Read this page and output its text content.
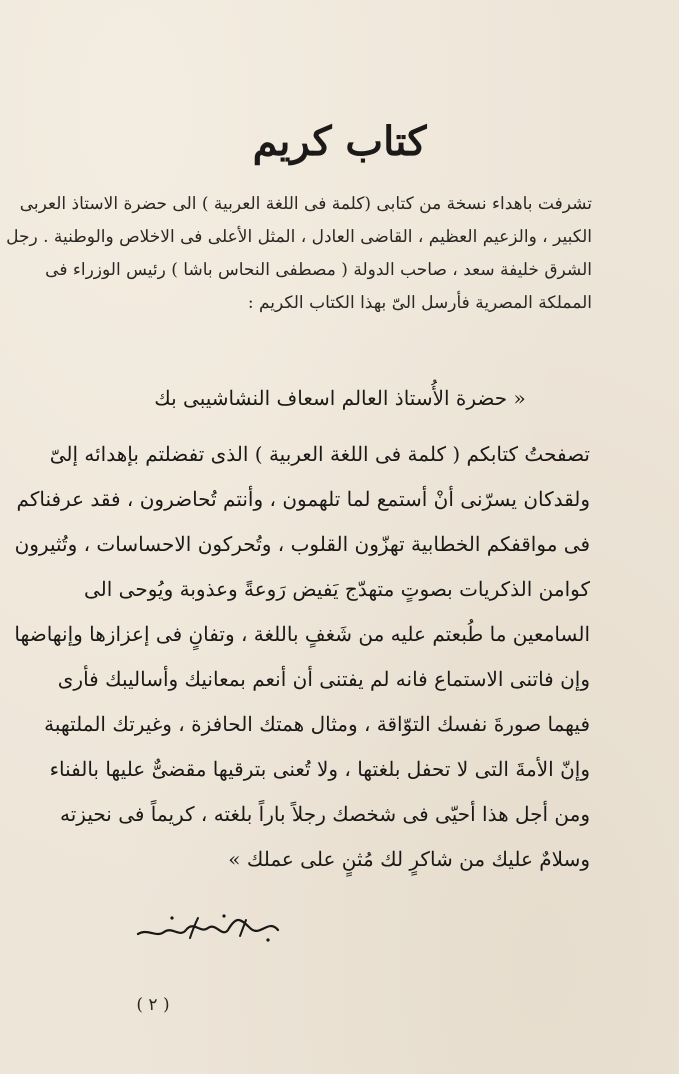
كتاب كريم
تشرفت باهداء نسخة من كتابى (كلمة فى اللغة العربية ) الى حضرة الاستاذ العربى
الكبير ، والزعيم العظيم ، القاضى العادل ، المثل الأعلى فى الاخلاص والوطنية . رجل
الشرق خليفة سعد ، صاحب الدولة ( مصطفى النحاس باشا ) رئيس الوزراء فى
المملكة المصرية فأرسل الىّ بهذا الكتاب الكريم :
« حضرة الأُستاذ العالم اسعاف النشاشيبى بك
تصفحتُ كتابكم ( كلمة فى اللغة العربية ) الذى تفضلتم بإهدائه إلىّ
ولقدكان يسرّنى أنْ أستمع لما تلهمون ، وأنتم تُحاضرون ، فقد عرفناكم
فى مواقفكم الخطابية تهزّون القلوب ، وتُحركون الاحساسات ، وتُثيرون
كوامن الذكريات بصوتٍ متهدّج يَفيض رَوعةً وعذوبة ويُوحى الى
السامعين ما طُبعتم عليه من شَغفٍ باللغة ، وتفانٍ فى إعزازها وإنهاضها
وإن فاتنى الاستماع فانه لم يفتنى أن أنعم بمعانيك وأساليبك فأرى
فيهما صورةَ نفسك التوّاقة ، ومثال همتك الحافزة ، وغيرتك الملتهبة
وإنّ الأمةَ التى لا تحفل بلغتها ، ولا تُعنى بترقيها مقضىٌّ عليها بالفناء
ومن أجل هذا أحيّى فى شخصك رجلاً باراً بلغته ، كريماً فى نحيزته
وسلامٌ عليك من شاكرٍ لك مُثنٍ على عملك »
( ٢ )
